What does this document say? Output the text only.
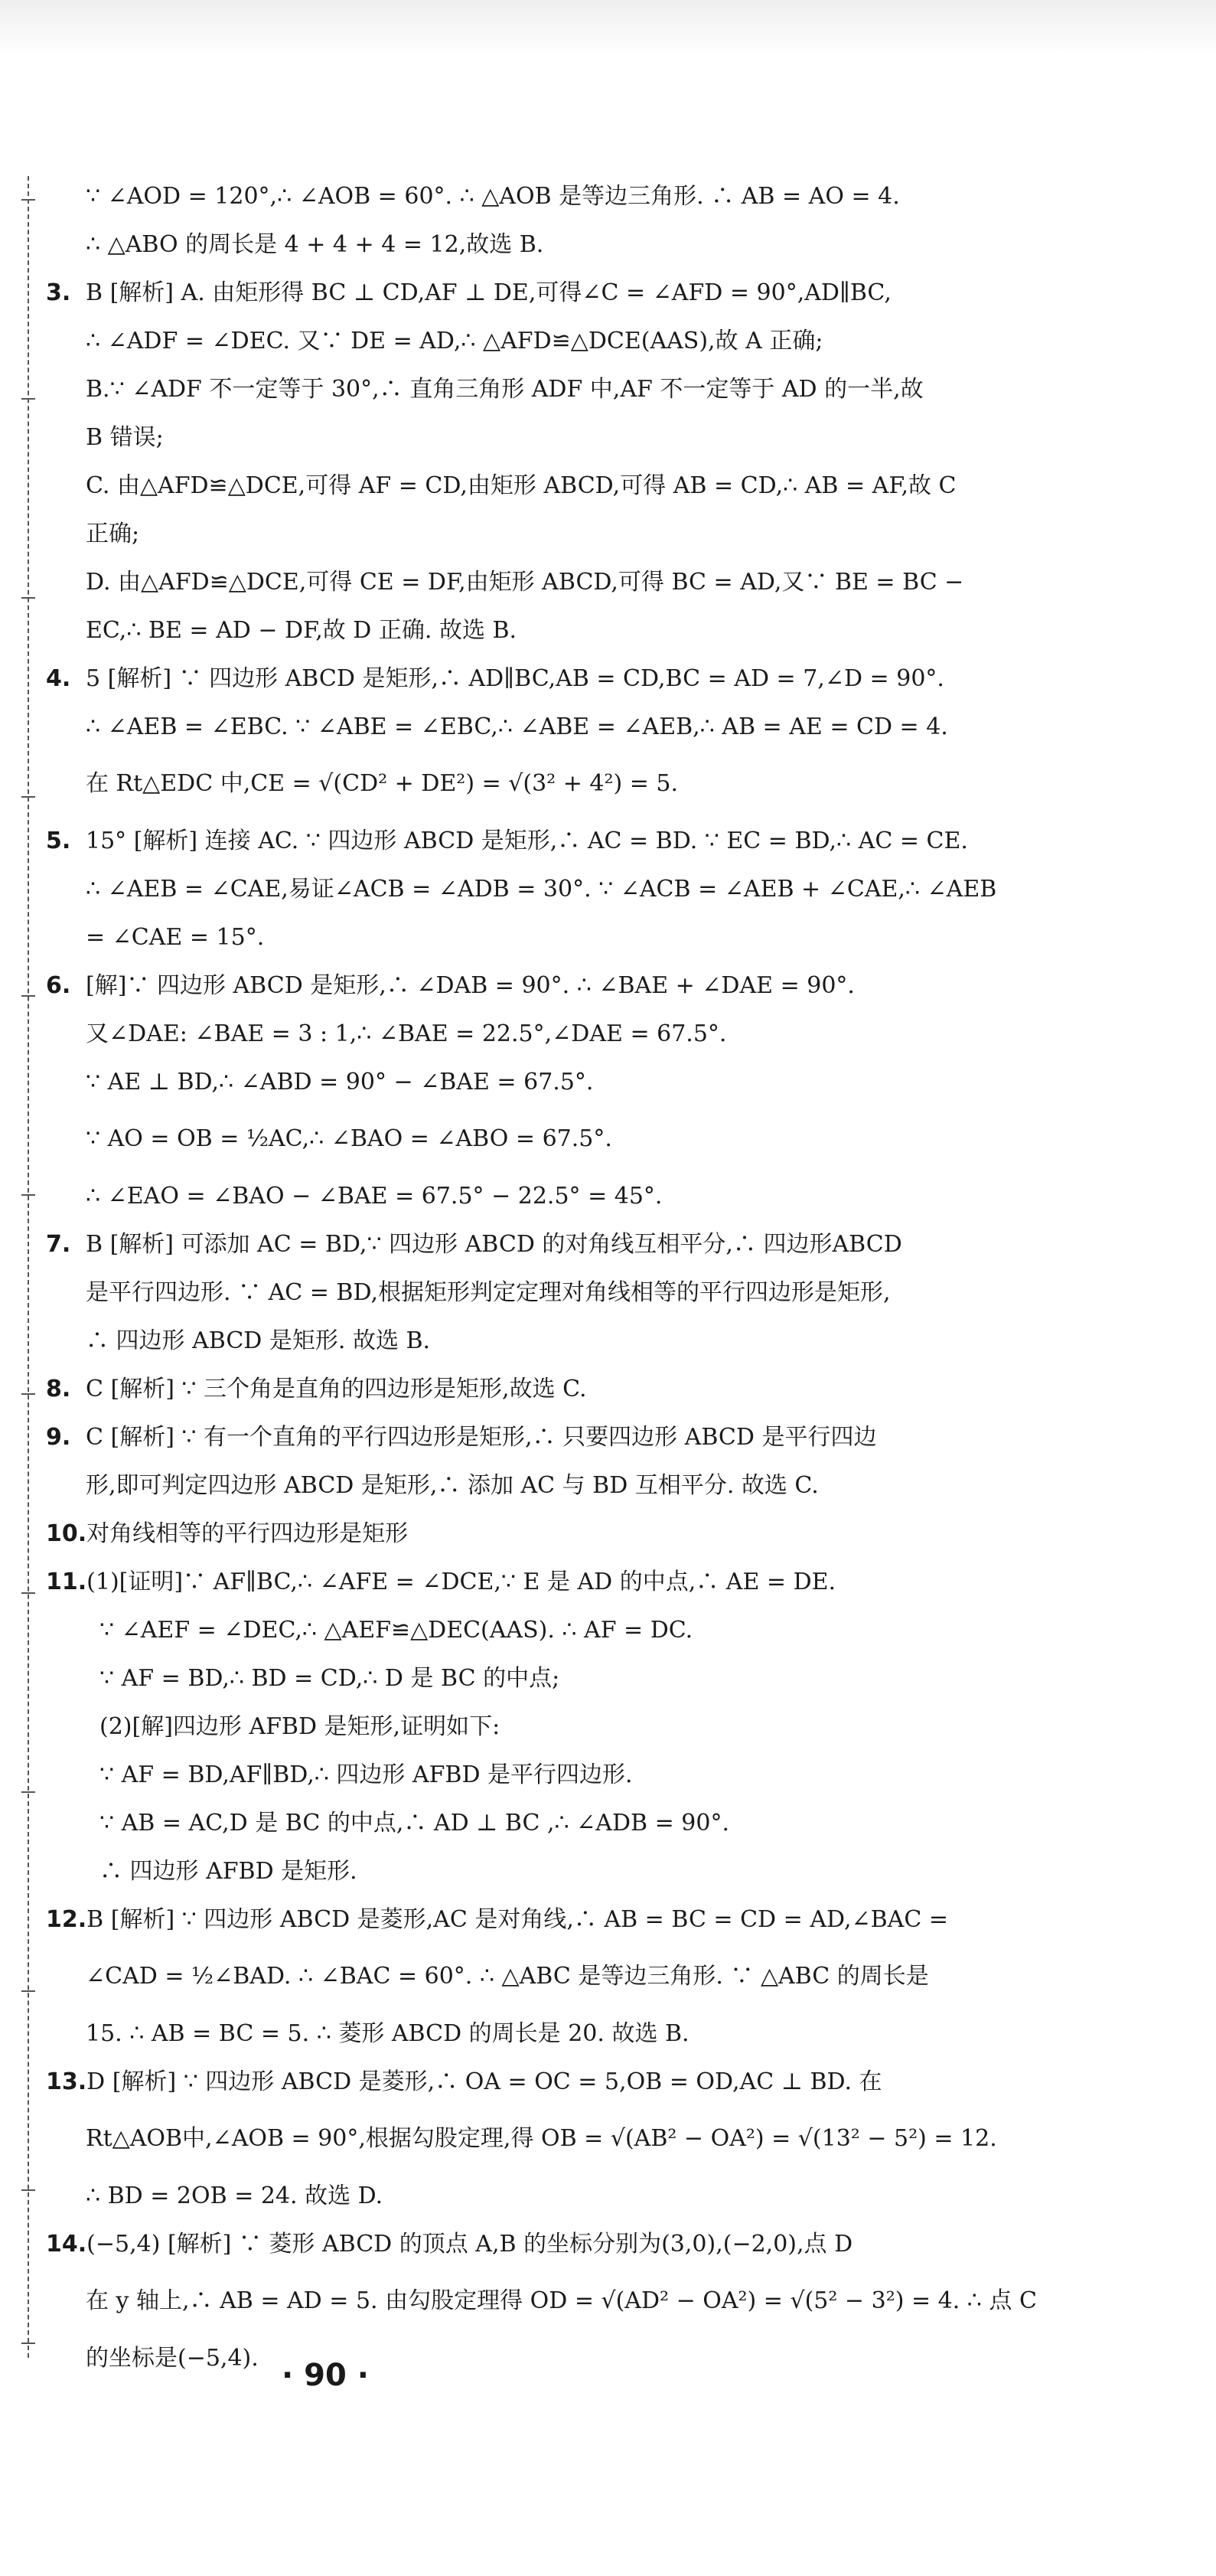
∵ ∠AOD = 120°,∴ ∠AOB = 60°. ∴ △AOB 是等边三角形. ∴ AB = AO = 4.
∴ △ABO 的周长是 4 + 4 + 4 = 12,故选 B.
3. B [解析] A. 由矩形得 BC ⊥ CD,AF ⊥ DE,可得∠C = ∠AFD = 90°,AD∥BC,
∴ ∠ADF = ∠DEC. 又∵ DE = AD,∴ △AFD≌△DCE(AAS),故 A 正确;
B.∵ ∠ADF 不一定等于 30°,∴ 直角三角形 ADF 中,AF 不一定等于 AD 的一半,故
B 错误;
C. 由△AFD≌△DCE,可得 AF = CD,由矩形 ABCD,可得 AB = CD,∴ AB = AF,故 C
正确;
D. 由△AFD≌△DCE,可得 CE = DF,由矩形 ABCD,可得 BC = AD,又∵ BE = BC −
EC,∴ BE = AD − DF,故 D 正确. 故选 B.
4. 5 [解析] ∵ 四边形 ABCD 是矩形,∴ AD∥BC,AB = CD,BC = AD = 7,∠D = 90°.
∴ ∠AEB = ∠EBC. ∵ ∠ABE = ∠EBC,∴ ∠ABE = ∠AEB,∴ AB = AE = CD = 4.
在 Rt△EDC 中,CE = √(CD² + DE²) = √(3² + 4²) = 5.
5. 15° [解析] 连接 AC. ∵ 四边形 ABCD 是矩形,∴ AC = BD. ∵ EC = BD,∴ AC = CE.
∴ ∠AEB = ∠CAE,易证∠ACB = ∠ADB = 30°. ∵ ∠ACB = ∠AEB + ∠CAE,∴ ∠AEB
= ∠CAE = 15°.
6. [解]∵ 四边形 ABCD 是矩形,∴ ∠DAB = 90°. ∴ ∠BAE + ∠DAE = 90°.
又∠DAE: ∠BAE = 3 : 1,∴ ∠BAE = 22.5°,∠DAE = 67.5°.
∵ AE ⊥ BD,∴ ∠ABD = 90° − ∠BAE = 67.5°.
∵ AO = OB = ½AC,∴ ∠BAO = ∠ABO = 67.5°.
∴ ∠EAO = ∠BAO − ∠BAE = 67.5° − 22.5° = 45°.
7. B [解析] 可添加 AC = BD,∵ 四边形 ABCD 的对角线互相平分,∴ 四边形ABCD
是平行四边形. ∵ AC = BD,根据矩形判定定理对角线相等的平行四边形是矩形,
∴ 四边形 ABCD 是矩形. 故选 B.
8. C [解析] ∵ 三个角是直角的四边形是矩形,故选 C.
9. C [解析] ∵ 有一个直角的平行四边形是矩形,∴ 只要四边形 ABCD 是平行四边
形,即可判定四边形 ABCD 是矩形,∴ 添加 AC 与 BD 互相平分. 故选 C.
10.对角线相等的平行四边形是矩形
11.(1)[证明]∵ AF∥BC,∴ ∠AFE = ∠DCE,∵ E 是 AD 的中点,∴ AE = DE.
∵ ∠AEF = ∠DEC,∴ △AEF≌△DEC(AAS). ∴ AF = DC.
∵ AF = BD,∴ BD = CD,∴ D 是 BC 的中点;
(2)[解]四边形 AFBD 是矩形,证明如下:
∵ AF = BD,AF∥BD,∴ 四边形 AFBD 是平行四边形.
∵ AB = AC,D 是 BC 的中点,∴ AD ⊥ BC ,∴ ∠ADB = 90°.
∴ 四边形 AFBD 是矩形.
12.B [解析] ∵ 四边形 ABCD 是菱形,AC 是对角线,∴ AB = BC = CD = AD,∠BAC =
∠CAD = ½∠BAD. ∴ ∠BAC = 60°. ∴ △ABC 是等边三角形. ∵ △ABC 的周长是
15. ∴ AB = BC = 5. ∴ 菱形 ABCD 的周长是 20. 故选 B.
13.D [解析] ∵ 四边形 ABCD 是菱形,∴ OA = OC = 5,OB = OD,AC ⊥ BD. 在
Rt△AOB中,∠AOB = 90°,根据勾股定理,得 OB = √(AB² − OA²) = √(13² − 5²) = 12.
∴ BD = 2OB = 24. 故选 D.
14.(−5,4) [解析] ∵ 菱形 ABCD 的顶点 A,B 的坐标分别为(3,0),(−2,0),点 D
在 y 轴上,∴ AB = AD = 5. 由勾股定理得 OD = √(AD² − OA²) = √(5² − 3²) = 4. ∴ 点 C
的坐标是(−5,4). · 90 ·
